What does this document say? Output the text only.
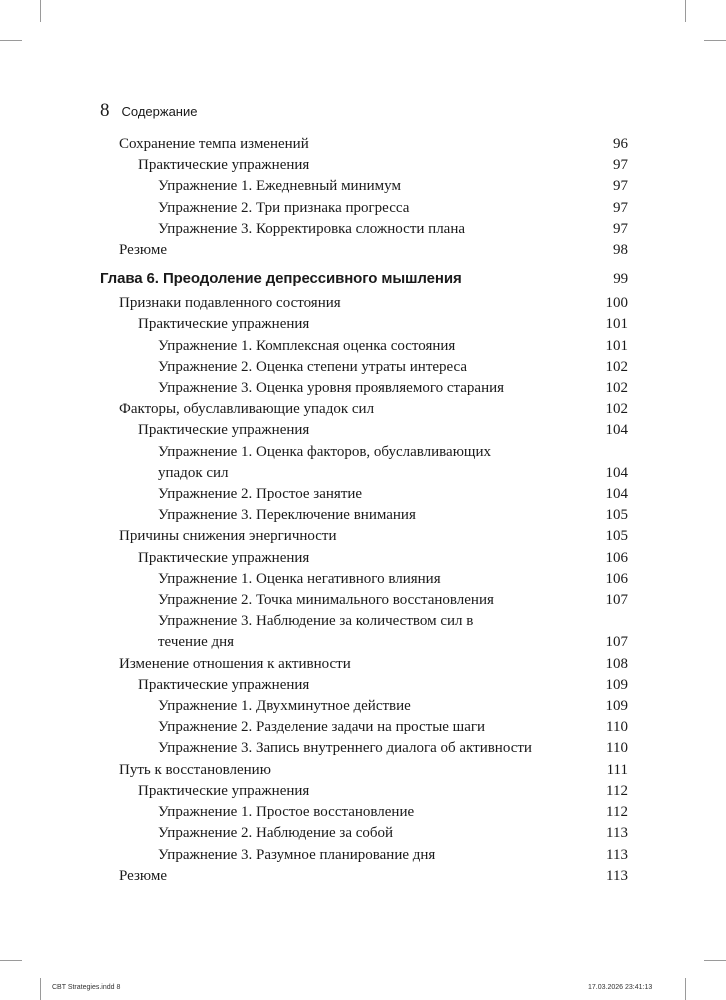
8 Содержание
Сохранение темпа изменений	96
Практические упражнения	97
Упражнение 1. Ежедневный минимум	97
Упражнение 2. Три признака прогресса	97
Упражнение 3. Корректировка сложности плана	97
Резюме	98
Глава 6. Преодоление депрессивного мышления	99
Признаки подавленного состояния	100
Практические упражнения	101
Упражнение 1. Комплексная оценка состояния	101
Упражнение 2. Оценка степени утраты интереса	102
Упражнение 3. Оценка уровня проявляемого старания	102
Факторы, обуславливающие упадок сил	102
Практические упражнения	104
Упражнение 1. Оценка факторов, обуславливающих упадок сил	104
Упражнение 2. Простое занятие	104
Упражнение 3. Переключение внимания	105
Причины снижения энергичности	105
Практические упражнения	106
Упражнение 1. Оценка негативного влияния	106
Упражнение 2. Точка минимального восстановления	107
Упражнение 3. Наблюдение за количеством сил в течение дня	107
Изменение отношения к активности	108
Практические упражнения	109
Упражнение 1. Двухминутное действие	109
Упражнение 2. Разделение задачи на простые шаги	110
Упражнение 3. Запись внутреннего диалога об активности	110
Путь к восстановлению	111
Практические упражнения	112
Упражнение 1. Простое восстановление	112
Упражнение 2. Наблюдение за собой	113
Упражнение 3. Разумное планирование дня	113
Резюме	113
CBT Strategies.indd 8	17.03.2026 23:41:13
